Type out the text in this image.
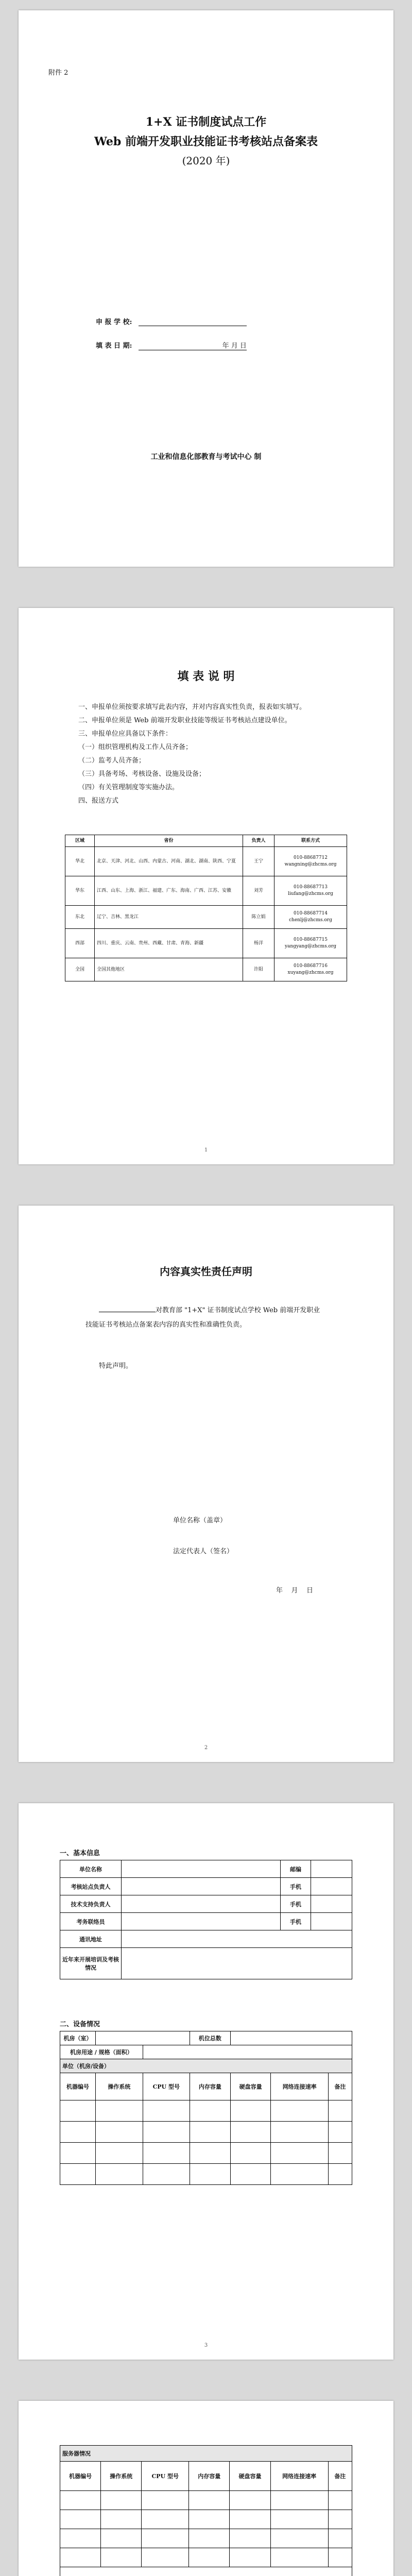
附件 2
1+X 证书制度试点工作
Web 前端开发职业技能证书考核站点备案表
(2020 年)
申 报 学 校:
填 表 日 期:	年 月 日
工业和信息化部教育与考试中心 制
填 表 说 明

一、申报单位须按要求填写此表内容，并对内容真实性负责，报表如实填写。

二、申报单位须是 Web 前端开发职业技能等级证书考核站点建设单位。

三、申报单位应具备以下条件：

（一）组织管理机构及工作人员齐备；

（二）监考人员齐备；

（三）具备考场、考核设备、设施及设备；

（四）有关管理制度等实施办法。

四、报送方式

区域	省份	负责人	联系方式
华北	北京、天津、河北、山西、内蒙古、河南、湖北、湖南、陕西、宁夏	王宁	010-88687712
wangning@zhcms.org

华东	江西、山东、上海、浙江、福建、广东、海南、广西、江苏、安徽	刘芳	010-88687713
liufang@zhcms.org

东北	辽宁、吉林、黑龙江	陈立娟	010-88687714
chenlj@zhcms.org

西部	四川、重庆、云南、贵州、西藏、甘肃、青海、新疆	杨洋	010-88687715
yangyang@zhcms.org

全国	全国其他地区	许阳	010-88687716
xuyang@zhcms.org
1
内容真实性责任声明
对教育部 "1+X" 证书制度试点学校 Web 前端开发职业技能证书考核站点备案表内容的真实性和准确性负责。
特此声明。
单位名称（盖章）
法定代表人（签名）
年    月    日
2
一、基本信息
单位名称		邮编	
考核站点负责人		手机	
技术支持负责人		手机	
考务联络员		手机	
通讯地址			
近年来开展培训及考核情况			
二、设备情况
机房（室）			机位总数			
机房用途 / 规格（面积）						
单位（机房/设备）						
机器编号	操作系统	CPU 型号	内存容量	硬盘容量	网络连接速率	备注

3
服务器情况						
机器编号	操作系统	CPU 型号	内存容量	硬盘容量	网络连接速率	备注
